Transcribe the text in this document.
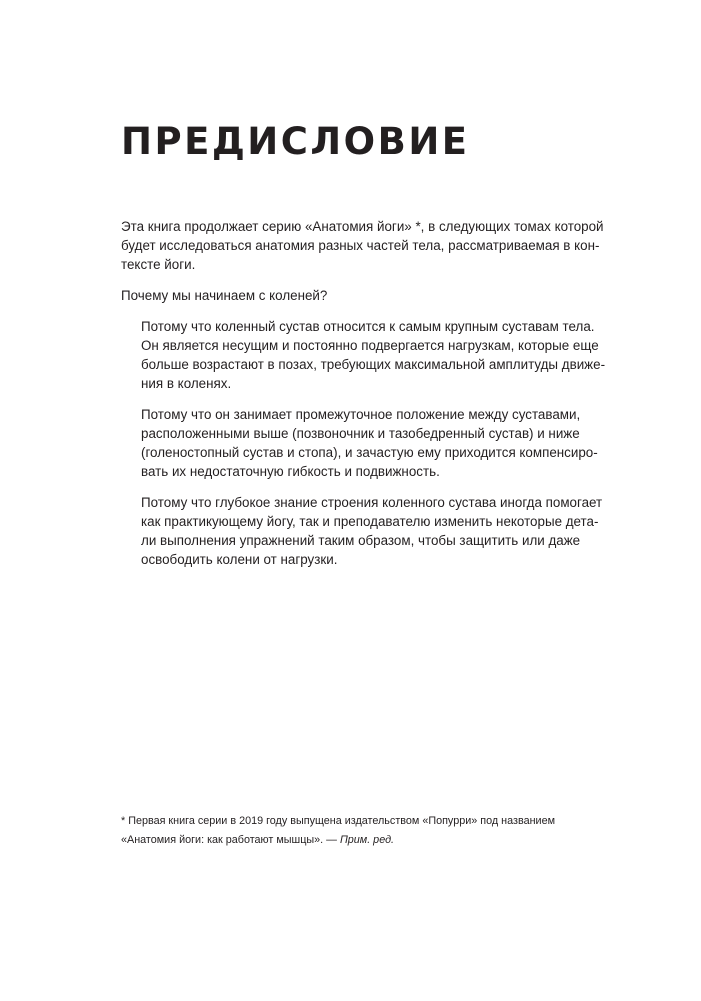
ПРЕДИСЛОВИЕ

Эта книга продолжает серию «Анатомия йоги» *, в следующих томах которой
будет исследоваться анатомия разных частей тела, рассматриваемая в кон-
тексте йоги.

Почему мы начинаем с коленей?

Потому что коленный сустав относится к самым крупным суставам тела.
Он является несущим и постоянно подвергается нагрузкам, которые еще
больше возрастают в позах, требующих максимальной амплитуды движе-
ния в коленях.

Потому что он занимает промежуточное положение между суставами,
расположенными выше (позвоночник и тазобедренный сустав) и ниже
(голеностопный сустав и стопа), и зачастую ему приходится компенсиро-
вать их недостаточную гибкость и подвижность.

Потому что глубокое знание строения коленного сустава иногда помогает
как практикующему йогу, так и преподавателю изменить некоторые дета-
ли выполнения упражнений таким образом, чтобы защитить или даже
освободить колени от нагрузки.

* Первая книга серии в 2019 году выпущена издательством «Попурри» под названием
«Анатомия йоги: как работают мышцы». — Прим. ред.
